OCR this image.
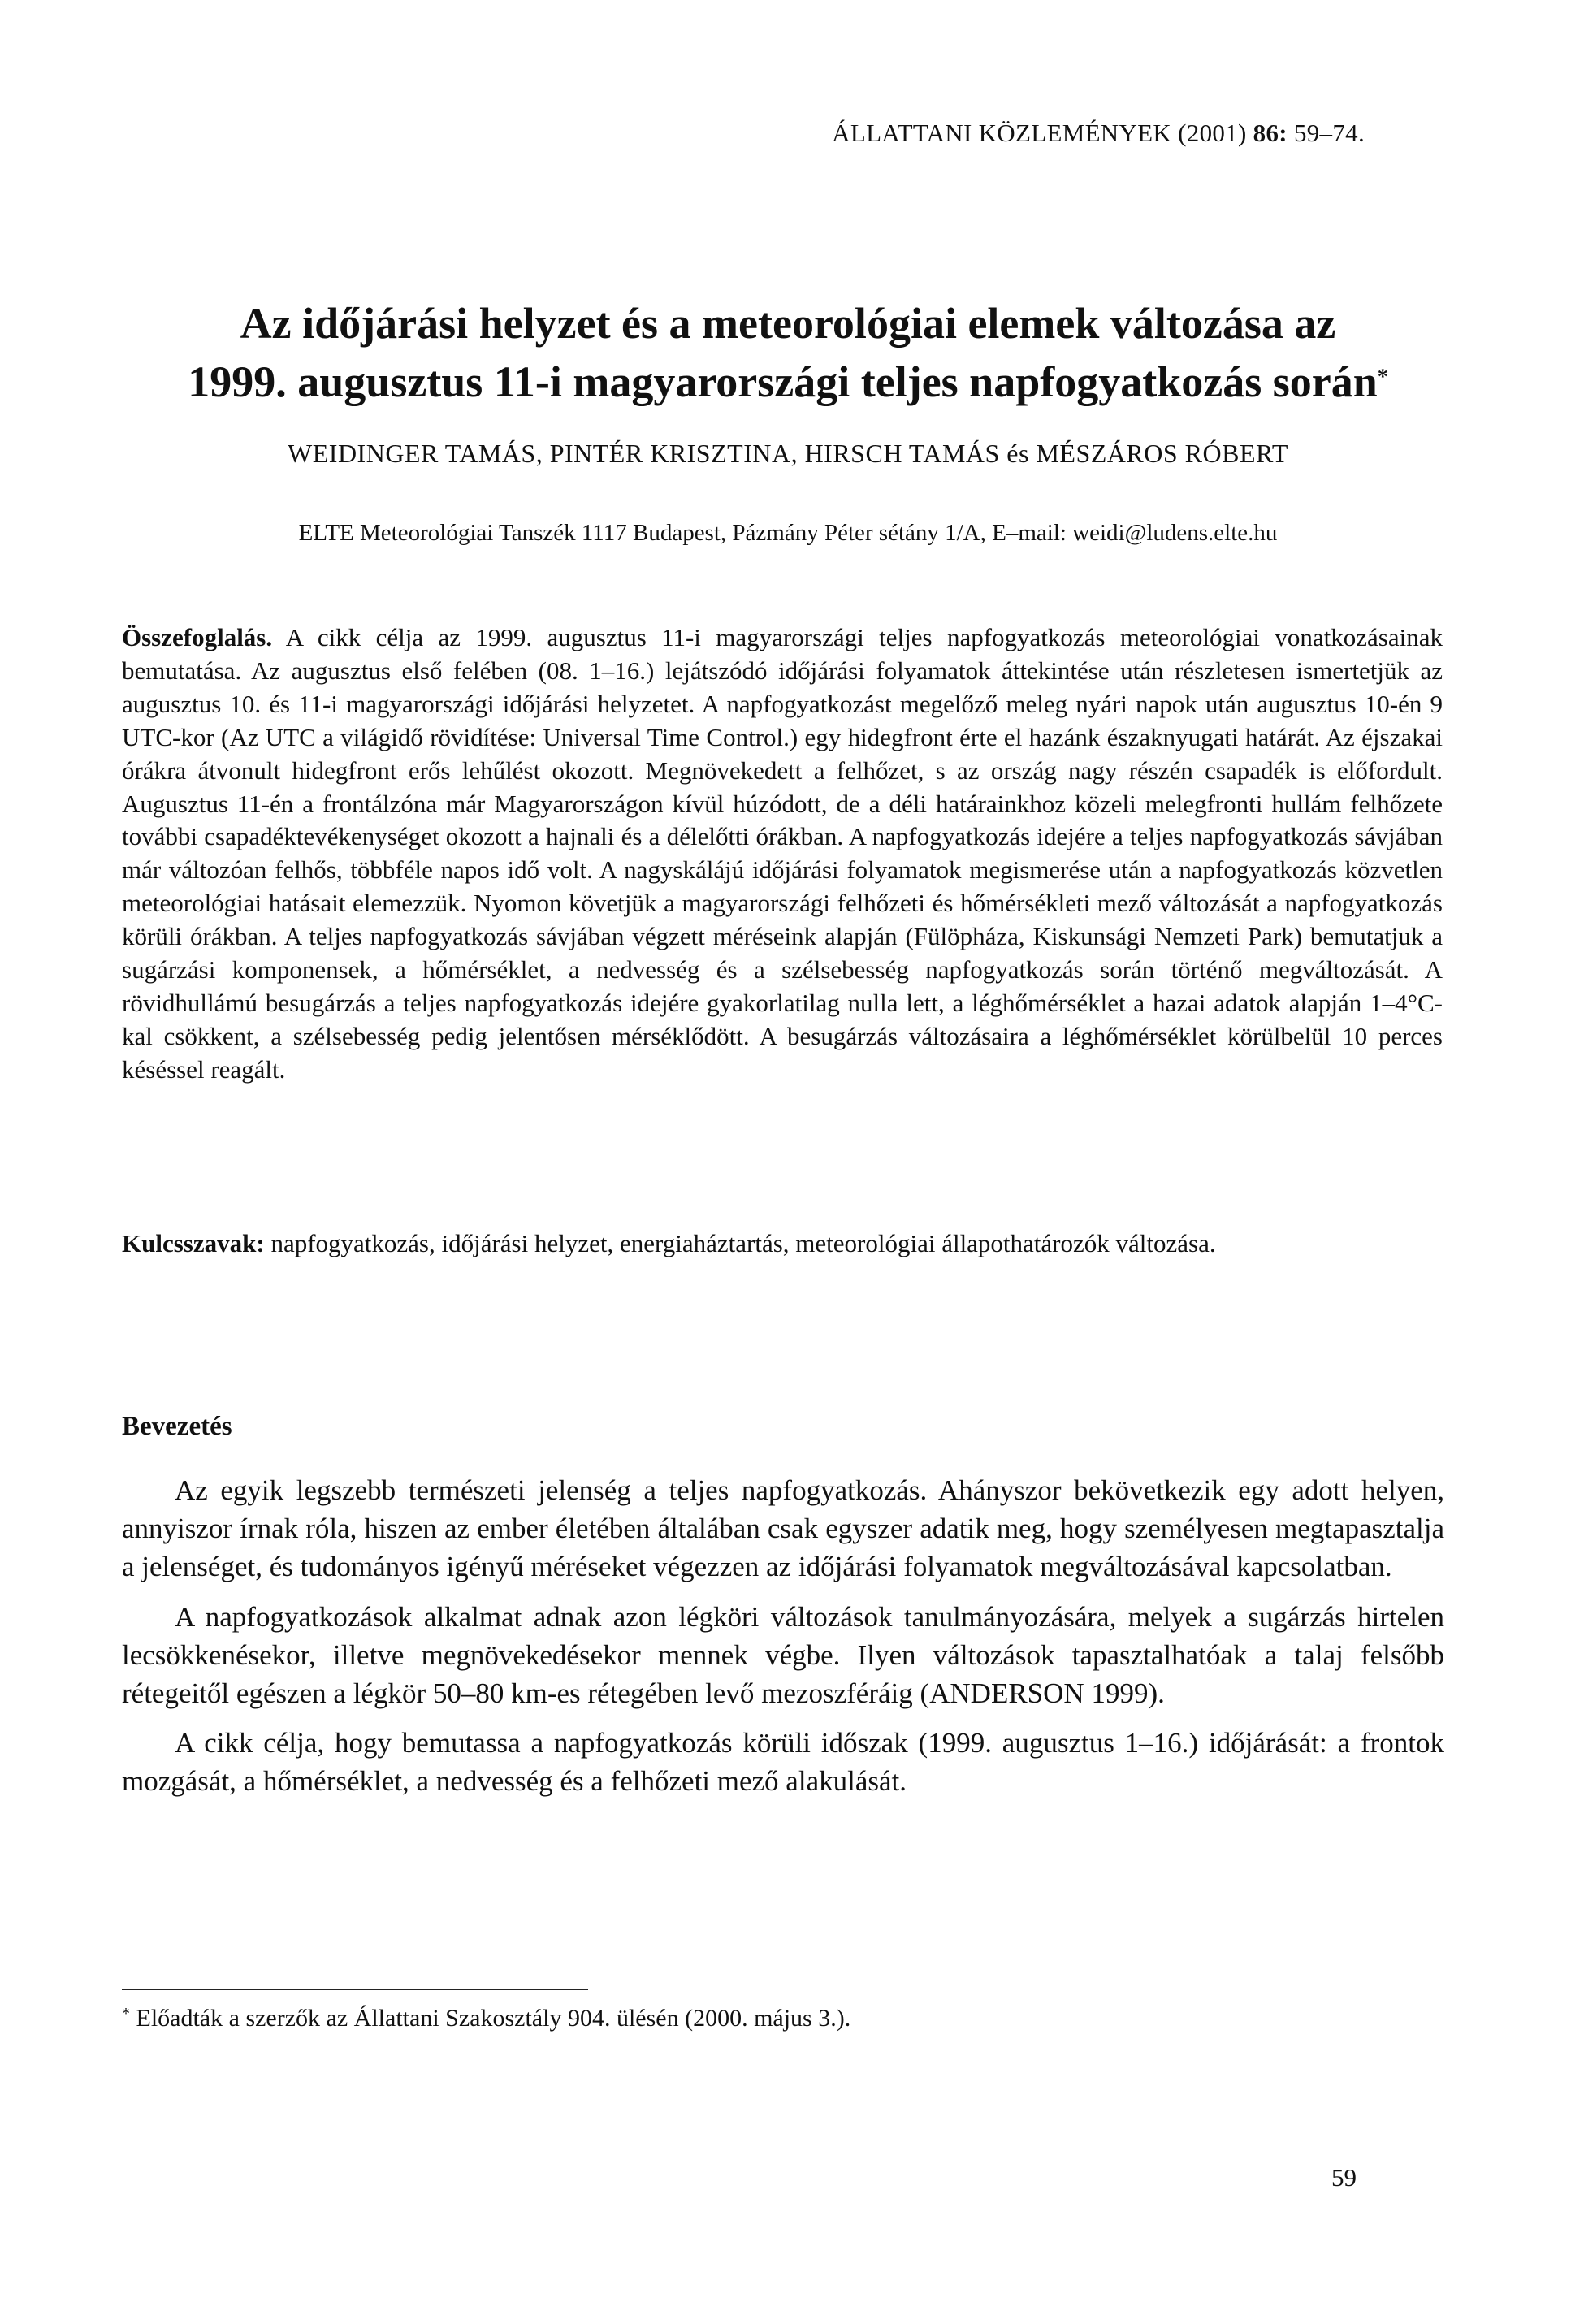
ÁLLATTANI KÖZLEMÉNYEK (2001) 86: 59–74.
Az időjárási helyzet és a meteorológiai elemek változása az
1999. augusztus 11-i magyarországi teljes napfogyatkozás során*
WEIDINGER TAMÁS, PINTÉR KRISZTINA, HIRSCH TAMÁS és MÉSZÁROS RÓBERT
ELTE Meteorológiai Tanszék 1117 Budapest, Pázmány Péter sétány 1/A, E–mail: weidi@ludens.elte.hu
Összefoglalás. A cikk célja az 1999. augusztus 11-i magyarországi teljes napfogyatkozás meteorológiai vonatkozásainak bemutatása. Az augusztus első felében (08. 1–16.) lejátszódó időjárási folyamatok áttekintése után részletesen ismertetjük az augusztus 10. és 11-i magyarországi időjárási helyzetet. A napfogyatkozást megelőző meleg nyári napok után augusztus 10-én 9 UTC-kor (Az UTC a világidő rövidítése: Universal Time Control.) egy hidegfront érte el hazánk északnyugati határát. Az éjszakai órákra átvonult hidegfront erős lehűlést okozott. Megnövekedett a felhőzet, s az ország nagy részén csapadék is előfordult. Augusztus 11-én a frontálzóna már Magyarországon kívül húzódott, de a déli határainkhoz közeli melegfronti hullám felhőzete további csapadéktevékenységet okozott a hajnali és a délelőtti órákban. A napfogyatkozás idejére a teljes napfogyatkozás sávjában már változóan felhős, többféle napos idő volt. A nagyskálájú időjárási folyamatok megismerése után a napfogyatkozás közvetlen meteorológiai hatásait elemezzük. Nyomon követjük a magyarországi felhőzeti és hőmérsékleti mező változását a napfogyatkozás körüli órákban. A teljes napfogyatkozás sávjában végzett méréseink alapján (Fülöpháza, Kiskunsági Nemzeti Park) bemutatjuk a sugárzási komponensek, a hőmérséklet, a nedvesség és a szélsebesség napfogyatkozás során történő megváltozását. A rövidhullámú besugárzás a teljes napfogyatkozás idejére gyakorlatilag nulla lett, a léghőmérséklet a hazai adatok alapján 1–4°C-kal csökkent, a szélsebesség pedig jelentősen mérséklődött. A besugárzás változásaira a léghőmérséklet körülbelül 10 perces késéssel reagált.
Kulcsszavak: napfogyatkozás, időjárási helyzet, energiaháztartás, meteorológiai állapothatározók változása.
Bevezetés

Az egyik legszebb természeti jelenség a teljes napfogyatkozás. Ahányszor bekövetkezik egy adott helyen, annyiszor írnak róla, hiszen az ember életében általában csak egyszer adatik meg, hogy személyesen megtapasztalja a jelenséget, és tudományos igényű méréseket végezzen az időjárási folyamatok megváltozásával kapcsolatban.

A napfogyatkozások alkalmat adnak azon légköri változások tanulmányozására, melyek a sugárzás hirtelen lecsökkenésekor, illetve megnövekedésekor mennek végbe. Ilyen változások tapasztalhatóak a talaj felsőbb rétegeitől egészen a légkör 50–80 km-es rétegében levő mezoszféráig (ANDERSON 1999).

A cikk célja, hogy bemutassa a napfogyatkozás körüli időszak (1999. augusztus 1–16.) időjárását: a frontok mozgását, a hőmérséklet, a nedvesség és a felhőzeti mező alakulását.

* Előadták a szerzők az Állattani Szakosztály 904. ülésén (2000. május 3.).
59
